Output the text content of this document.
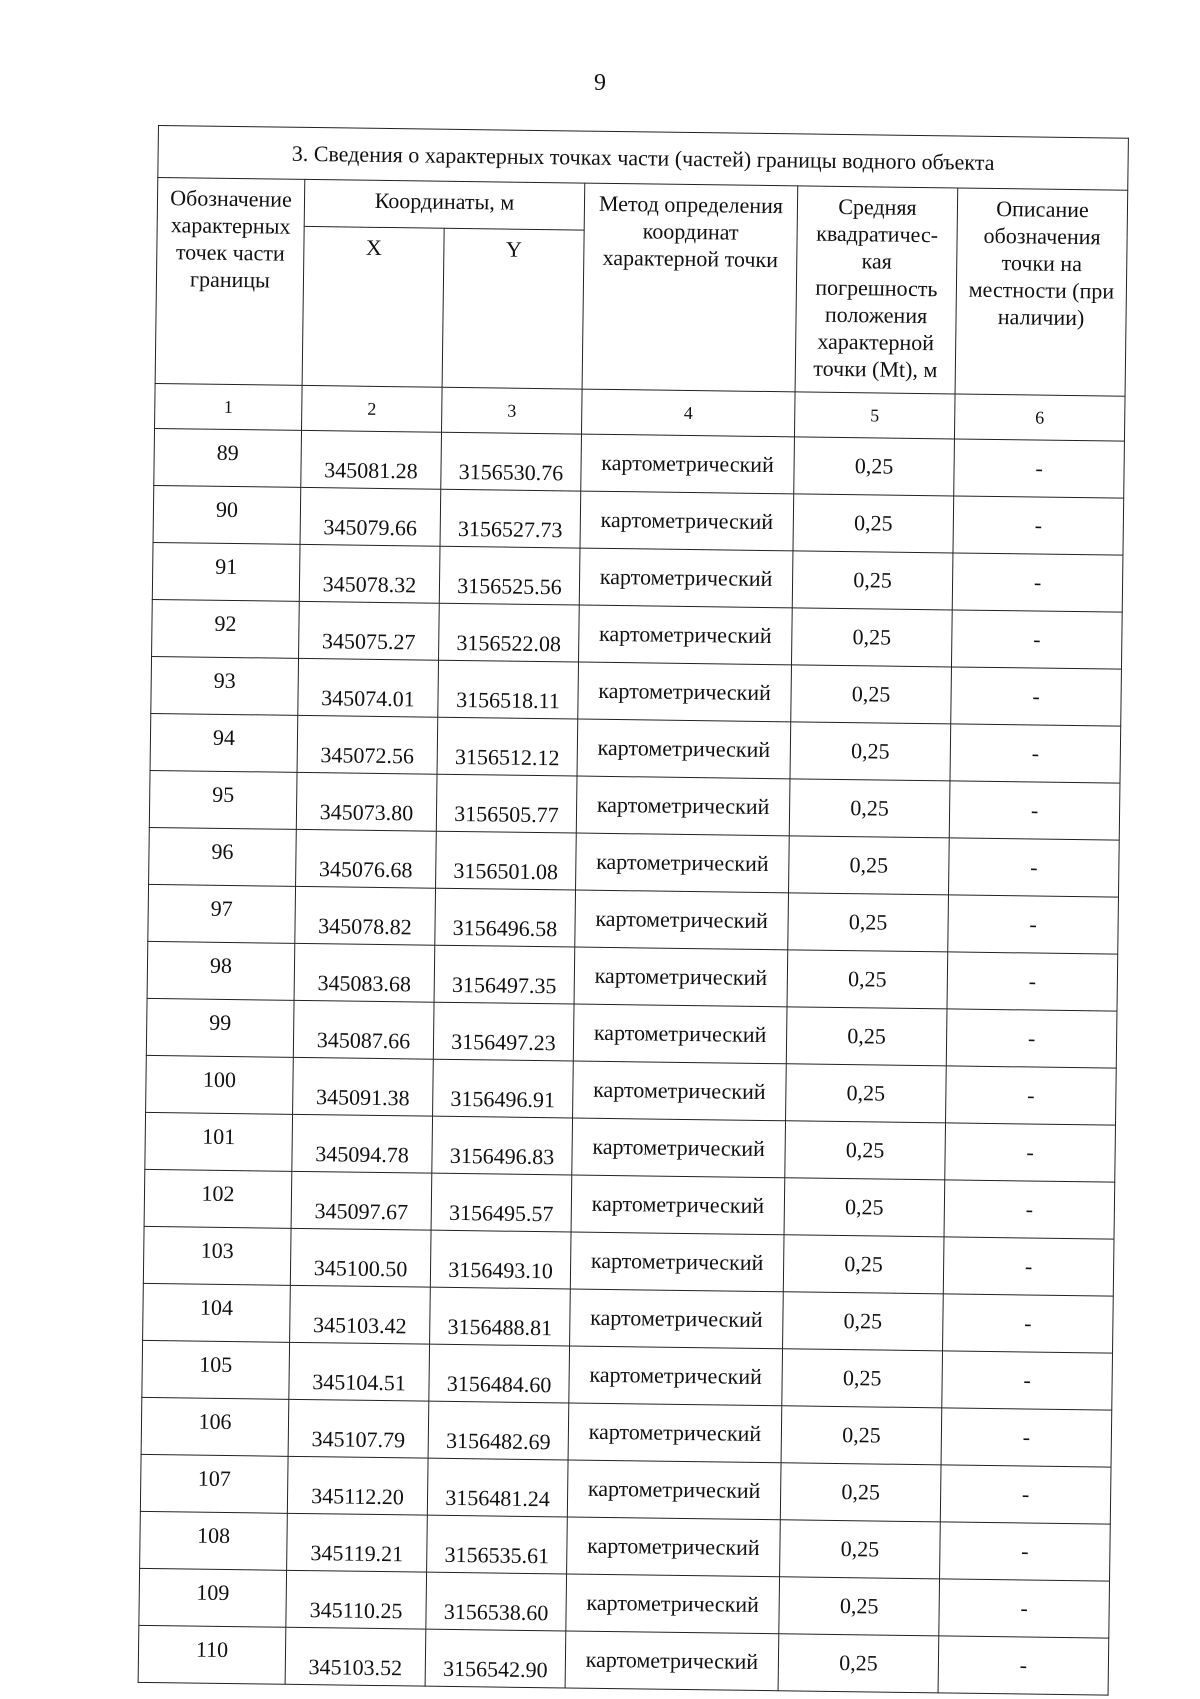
9
3. Сведения о характерных точках части (частей) границы водного объекта					
Обозначение характерных точек части границы	Координаты, м		Метод определения координат характерной точки	Средняя квадратичес-кая погрешность положения характерной точки (Mt), м	Описание обозначения точки на местности (при наличии)
	X	Y			
1	2	3	4	5	6
89	345081.28	3156530.76	картометрический	0,25	-
90	345079.66	3156527.73	картометрический	0,25	-
91	345078.32	3156525.56	картометрический	0,25	-
92	345075.27	3156522.08	картометрический	0,25	-
93	345074.01	3156518.11	картометрический	0,25	-
94	345072.56	3156512.12	картометрический	0,25	-
95	345073.80	3156505.77	картометрический	0,25	-
96	345076.68	3156501.08	картометрический	0,25	-
97	345078.82	3156496.58	картометрический	0,25	-
98	345083.68	3156497.35	картометрический	0,25	-
99	345087.66	3156497.23	картометрический	0,25	-
100	345091.38	3156496.91	картометрический	0,25	-
101	345094.78	3156496.83	картометрический	0,25	-
102	345097.67	3156495.57	картометрический	0,25	-
103	345100.50	3156493.10	картометрический	0,25	-
104	345103.42	3156488.81	картометрический	0,25	-
105	345104.51	3156484.60	картометрический	0,25	-
106	345107.79	3156482.69	картометрический	0,25	-
107	345112.20	3156481.24	картометрический	0,25	-
108	345119.21	3156535.61	картометрический	0,25	-
109	345110.25	3156538.60	картометрический	0,25	-
110	345103.52	3156542.90	картометрический	0,25	-
